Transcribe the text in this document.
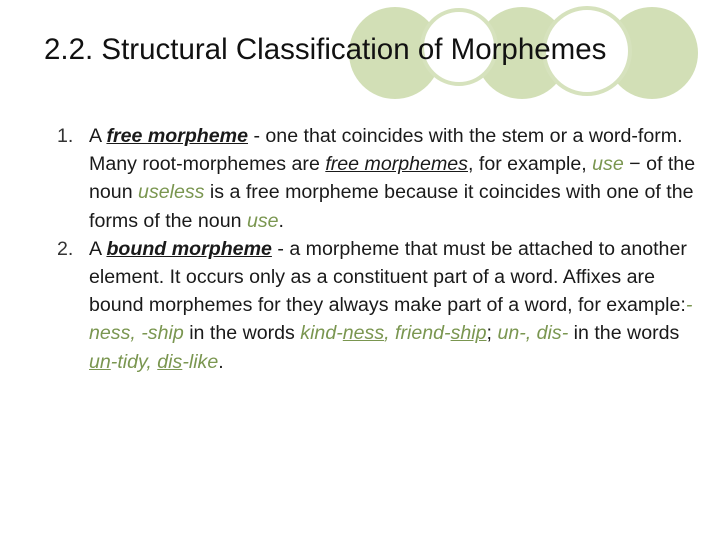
2.2. Structural Classification of Morphemes
1. A free morpheme - one that coincides with the stem or a word-form. Many root-morphemes are free morphemes, for example, use − of the noun useless is a free morpheme because it coincides with one of the forms of the noun use.
2. A bound morpheme - a morpheme that must be attached to another element. It occurs only as a constituent part of a word. Affixes are bound morphemes for they always make part of a word, for example:-ness, -ship in the words kind-ness, friend-ship; un-, dis- in the words un-tidy, dis-like.
